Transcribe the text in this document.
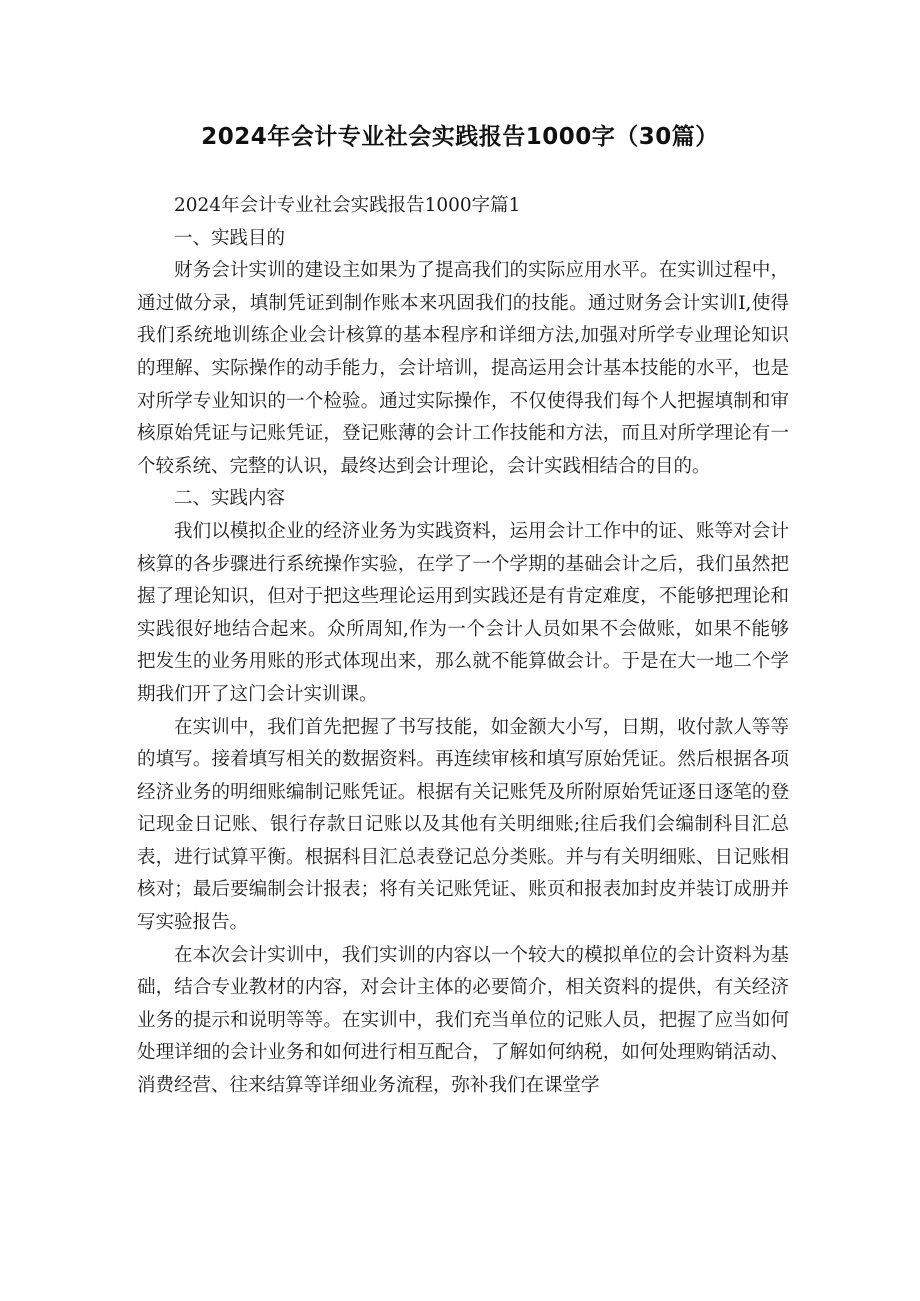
2024年会计专业社会实践报告1000字（30篇）

2024年会计专业社会实践报告1000字篇1

一、实践目的

财务会计实训的建设主如果为了提高我们的实际应用水平。在实训过程中，通过做分录，填制凭证到制作账本来巩固我们的技能。通过财务会计实训I,使得我们系统地训练企业会计核算的基本程序和详细方法,加强对所学专业理论知识的理解、实际操作的动手能力，会计培训，提高运用会计基本技能的水平，也是对所学专业知识的一个检验。通过实际操作，不仅使得我们每个人把握填制和审核原始凭证与记账凭证，登记账薄的会计工作技能和方法，而且对所学理论有一个较系统、完整的认识，最终达到会计理论，会计实践相结合的目的。

二、实践内容

我们以模拟企业的经济业务为实践资料，运用会计工作中的证、账等对会计核算的各步骤进行系统操作实验，在学了一个学期的基础会计之后，我们虽然把握了理论知识，但对于把这些理论运用到实践还是有肯定难度，不能够把理论和实践很好地结合起来。众所周知,作为一个会计人员如果不会做账，如果不能够把发生的业务用账的形式体现出来，那么就不能算做会计。于是在大一地二个学期我们开了这门会计实训课。

在实训中，我们首先把握了书写技能，如金额大小写，日期，收付款人等等的填写。接着填写相关的数据资料。再连续审核和填写原始凭证。然后根据各项经济业务的明细账编制记账凭证。根据有关记账凭及所附原始凭证逐日逐笔的登记现金日记账、银行存款日记账以及其他有关明细账;往后我们会编制科目汇总表，进行试算平衡。根据科目汇总表登记总分类账。并与有关明细账、日记账相核对；最后要编制会计报表；将有关记账凭证、账页和报表加封皮并装订成册并写实验报告。

在本次会计实训中，我们实训的内容以一个较大的模拟单位的会计资料为基础，结合专业教材的内容，对会计主体的必要简介，相关资料的提供，有关经济业务的提示和说明等等。在实训中，我们充当单位的记账人员，把握了应当如何处理详细的会计业务和如何进行相互配合，了解如何纳税，如何处理购销活动、消费经营、往来结算等详细业务流程，弥补我们在课堂学
